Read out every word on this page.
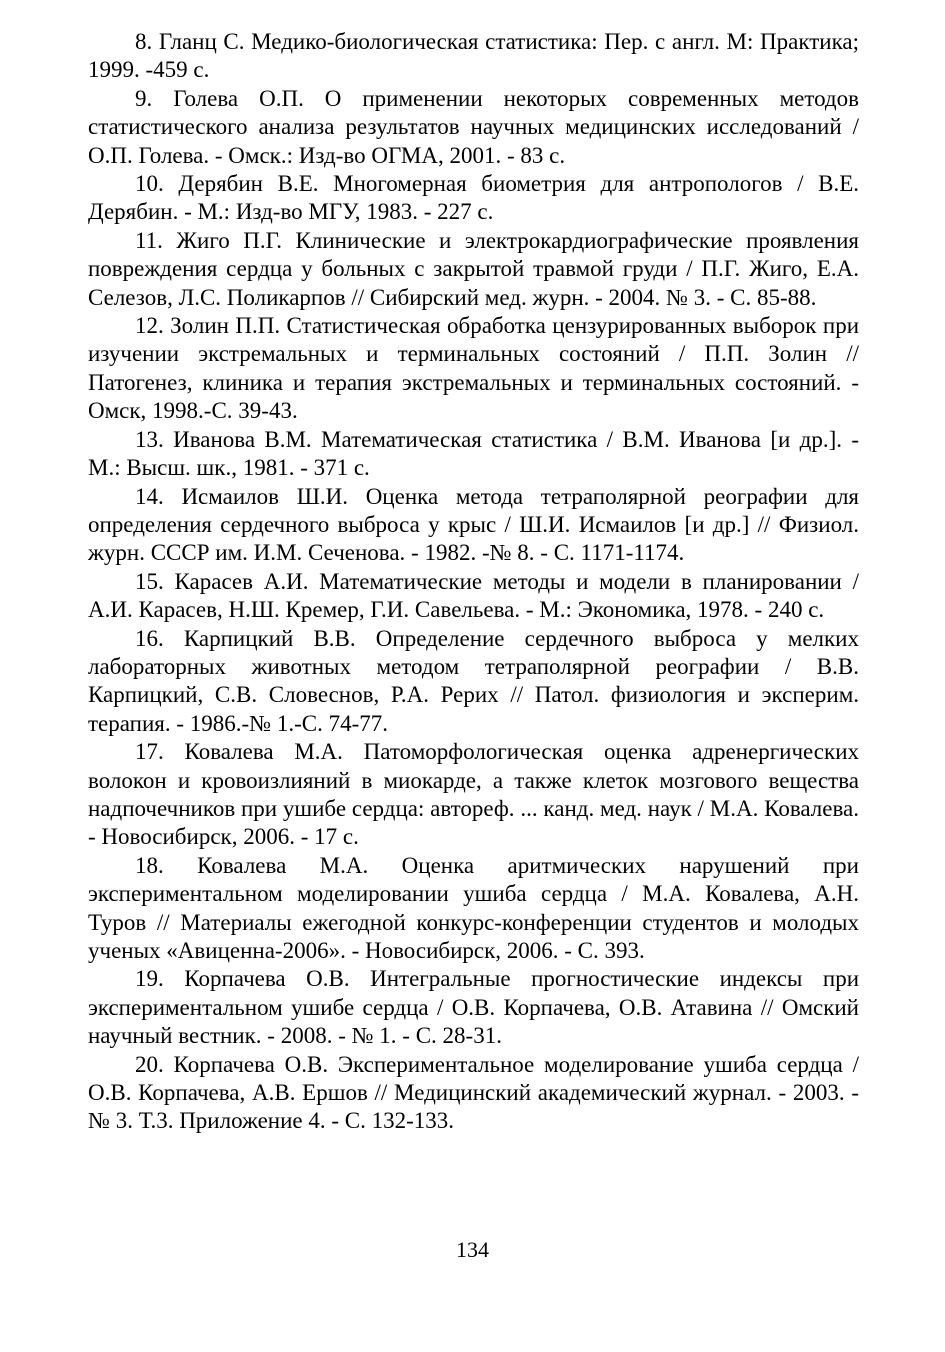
8. Гланц С. Медико-биологическая статистика: Пер. с англ. М: Практика; 1999. -459 с.

9. Голева О.П. О применении некоторых современных методов статистического анализа результатов научных медицинских исследований / О.П. Голева. - Омск.: Изд-во ОГМА, 2001. - 83 с.

10. Дерябин В.Е. Многомерная биометрия для антропологов / В.Е. Дерябин. - М.: Изд-во МГУ, 1983. - 227 с.

11. Жиго П.Г. Клинические и электрокардиографические проявления повреждения сердца у больных с закрытой травмой груди / П.Г. Жиго, Е.А. Селезов, Л.С. Поликарпов // Сибирский мед. журн. - 2004. № 3. - С. 85-88.

12. Золин П.П. Статистическая обработка цензурированных выборок при изучении экстремальных и терминальных состояний / П.П. Золин // Патогенез, клиника и терапия экстремальных и терминальных состояний. - Омск, 1998.-С. 39-43.

13. Иванова В.М. Математическая статистика / В.М. Иванова [и др.]. - М.: Высш. шк., 1981. - 371 с.

14. Исмаилов Ш.И. Оценка метода тетраполярной реографии для определения сердечного выброса у крыс / Ш.И. Исмаилов [и др.] // Физиол. журн. СССР им. И.М. Сеченова. - 1982. -№ 8. - С. 1171-1174.

15. Карасев А.И. Математические методы и модели в планировании / А.И. Карасев, Н.Ш. Кремер, Г.И. Савельева. - М.: Экономика, 1978. - 240 с.

16. Карпицкий В.В. Определение сердечного выброса у мелких лабораторных животных методом тетраполярной реографии / В.В. Карпицкий, С.В. Словеснов, Р.А. Рерих // Патол. физиология и эксперим. терапия. - 1986.-№ 1.-С. 74-77.

17. Ковалева М.А. Патоморфологическая оценка адренергических волокон и кровоизлияний в миокарде, а также клеток мозгового вещества надпочечников при ушибе сердца: автореф. ... канд. мед. наук / М.А. Ковалева. - Новосибирск, 2006. - 17 с.

18. Ковалева М.А. Оценка аритмических нарушений при экспериментальном моделировании ушиба сердца / М.А. Ковалева, А.Н. Туров // Материалы ежегодной конкурс-конференции студентов и молодых ученых «Авиценна-2006». - Новосибирск, 2006. - С. 393.

19. Корпачева О.В. Интегральные прогностические индексы при экспериментальном ушибе сердца / О.В. Корпачева, О.В. Атавина // Омский научный вестник. - 2008. - № 1. - С. 28-31.

20. Корпачева О.В. Экспериментальное моделирование ушиба сердца / О.В. Корпачева, А.В. Ершов // Медицинский академический журнал. - 2003. - № 3. Т.3. Приложение 4. - С. 132-133.

134
